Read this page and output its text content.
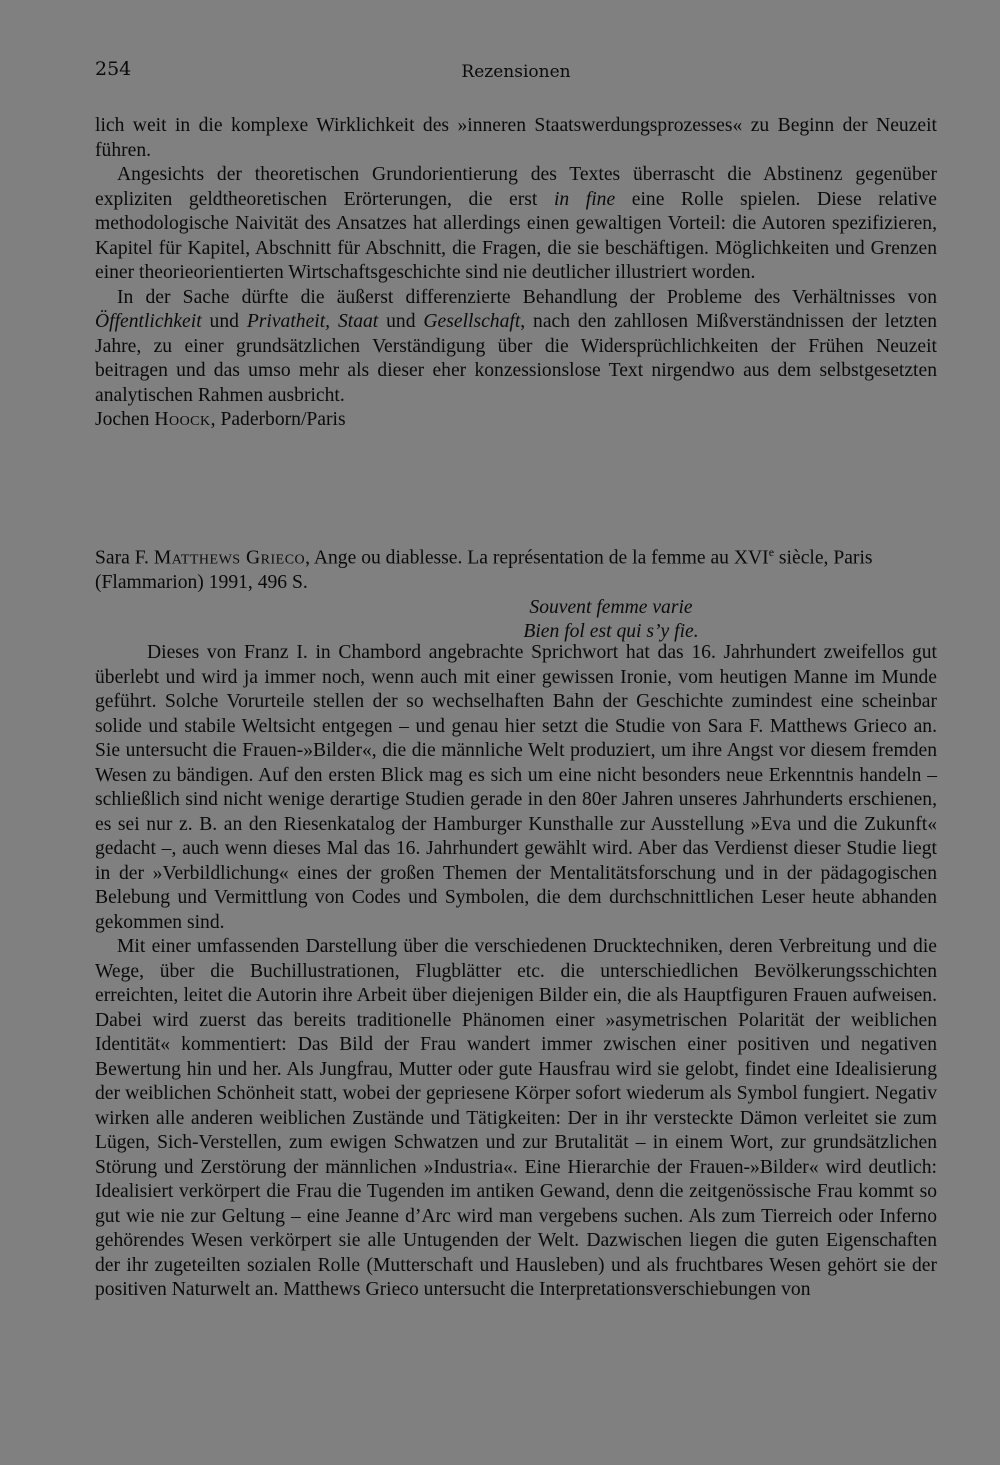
254	Rezensionen

lich weit in die komplexe Wirklichkeit des »inneren Staatswerdungsprozesses« zu Beginn der Neuzeit führen.

Angesichts der theoretischen Grundorientierung des Textes überrascht die Abstinenz gegenüber expliziten geldtheoretischen Erörterungen, die erst in fine eine Rolle spielen. Diese relative methodologische Naivität des Ansatzes hat allerdings einen gewaltigen Vorteil: die Autoren spezifizieren, Kapitel für Kapitel, Abschnitt für Abschnitt, die Fragen, die sie beschäftigen. Möglichkeiten und Grenzen einer theorieorientierten Wirtschaftsgeschichte sind nie deutlicher illustriert worden.

In der Sache dürfte die äußerst differenzierte Behandlung der Probleme des Verhältnisses von Öffentlichkeit und Privatheit, Staat und Gesellschaft, nach den zahllosen Mißverständnissen der letzten Jahre, zu einer grundsätzlichen Verständigung über die Widersprüchlichkeiten der Frühen Neuzeit beitragen und das umso mehr als dieser eher konzessionslose Text nirgendwo aus dem selbstgesetzten analytischen Rahmen ausbricht.

Jochen Hoock, Paderborn/Paris

Sara F. Matthews Grieco, Ange ou diablesse. La représentation de la femme au XVIe siècle, Paris (Flammarion) 1991, 496 S.

Souvent femme varie
Bien fol est qui s’y fie.

Dieses von Franz I. in Chambord angebrachte Sprichwort hat das 16. Jahrhundert zweifellos gut überlebt und wird ja immer noch, wenn auch mit einer gewissen Ironie, vom heutigen Manne im Munde geführt. Solche Vorurteile stellen der so wechselhaften Bahn der Geschichte zumindest eine scheinbar solide und stabile Weltsicht entgegen – und genau hier setzt die Studie von Sara F. Matthews Grieco an. Sie untersucht die Frauen-»Bilder«, die die männliche Welt produziert, um ihre Angst vor diesem fremden Wesen zu bändigen. Auf den ersten Blick mag es sich um eine nicht besonders neue Erkenntnis handeln – schließlich sind nicht wenige derartige Studien gerade in den 80er Jahren unseres Jahrhunderts erschienen, es sei nur z. B. an den Riesenkatalog der Hamburger Kunsthalle zur Ausstellung »Eva und die Zukunft« gedacht –, auch wenn dieses Mal das 16. Jahrhundert gewählt wird. Aber das Verdienst dieser Studie liegt in der »Verbildlichung« eines der großen Themen der Mentalitätsforschung und in der pädagogischen Belebung und Vermittlung von Codes und Symbolen, die dem durchschnittlichen Leser heute abhanden gekommen sind.

Mit einer umfassenden Darstellung über die verschiedenen Drucktechniken, deren Verbreitung und die Wege, über die Buchillustrationen, Flugblätter etc. die unterschiedlichen Bevölkerungsschichten erreichten, leitet die Autorin ihre Arbeit über diejenigen Bilder ein, die als Hauptfiguren Frauen aufweisen. Dabei wird zuerst das bereits traditionelle Phänomen einer »asymetrischen Polarität der weiblichen Identität« kommentiert: Das Bild der Frau wandert immer zwischen einer positiven und negativen Bewertung hin und her. Als Jungfrau, Mutter oder gute Hausfrau wird sie gelobt, findet eine Idealisierung der weiblichen Schönheit statt, wobei der gepriesene Körper sofort wiederum als Symbol fungiert. Negativ wirken alle anderen weiblichen Zustände und Tätigkeiten: Der in ihr versteckte Dämon verleitet sie zum Lügen, Sich-Verstellen, zum ewigen Schwatzen und zur Brutalität – in einem Wort, zur grundsätzlichen Störung und Zerstörung der männlichen »Industria«. Eine Hierarchie der Frauen-»Bilder« wird deutlich: Idealisiert verkörpert die Frau die Tugenden im antiken Gewand, denn die zeitgenössische Frau kommt so gut wie nie zur Geltung – eine Jeanne d’Arc wird man vergebens suchen. Als zum Tierreich oder Inferno gehörendes Wesen verkörpert sie alle Untugenden der Welt. Dazwischen liegen die guten Eigenschaften der ihr zugeteilten sozialen Rolle (Mutterschaft und Hausleben) und als fruchtbares Wesen gehört sie der positiven Naturwelt an. Matthews Grieco untersucht die Interpretationsverschiebungen von
